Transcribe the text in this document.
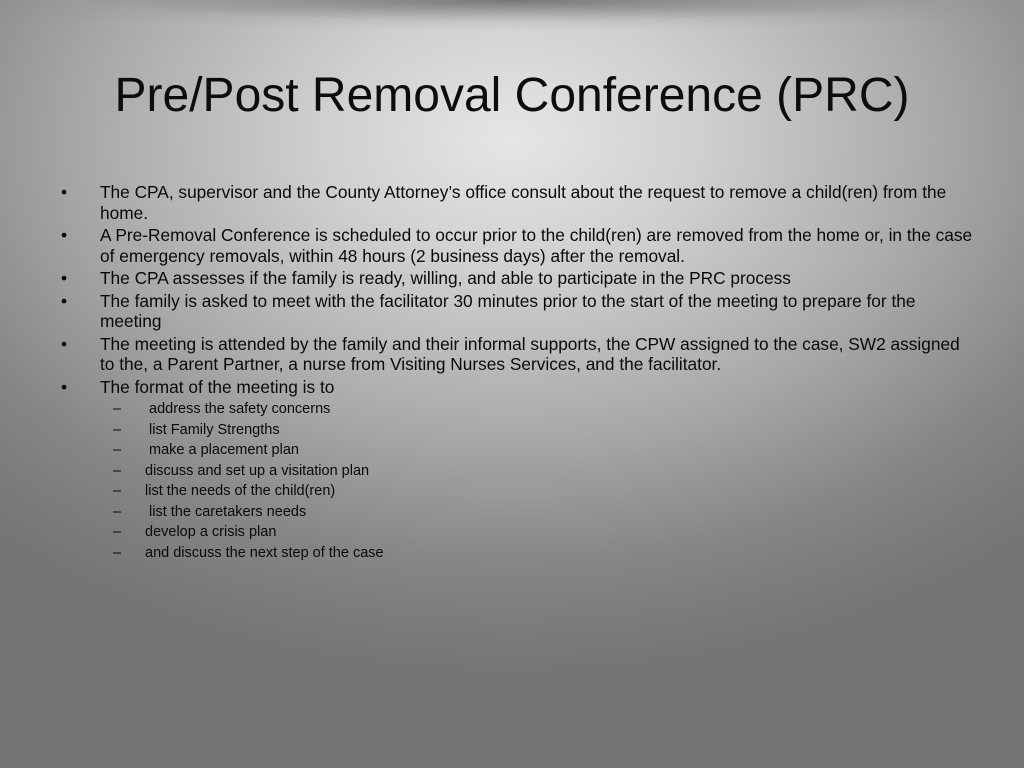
Pre/Post Removal Conference (PRC)
• The CPA, supervisor and the County Attorney’s office consult about the request to remove a child(ren) from the home.
• A Pre-Removal Conference is scheduled to occur prior to the child(ren) are removed from the home or, in the case of emergency removals, within 48 hours (2 business days) after the removal.
• The CPA assesses if the family is ready, willing, and able to participate in the PRC process
• The family is asked to meet with the facilitator 30 minutes prior to the start of the meeting to prepare for the meeting
• The meeting is attended by the family and their informal supports, the CPW assigned to the case, SW2 assigned to the, a Parent Partner, a nurse from Visiting Nurses Services, and the facilitator.
• The format of the meeting is to
– address the safety concerns
– list Family Strengths
– make a placement plan
– discuss and set up a visitation plan
– list the needs of the child(ren)
– list the caretakers needs
– develop a crisis plan
– and discuss the next step of the case
